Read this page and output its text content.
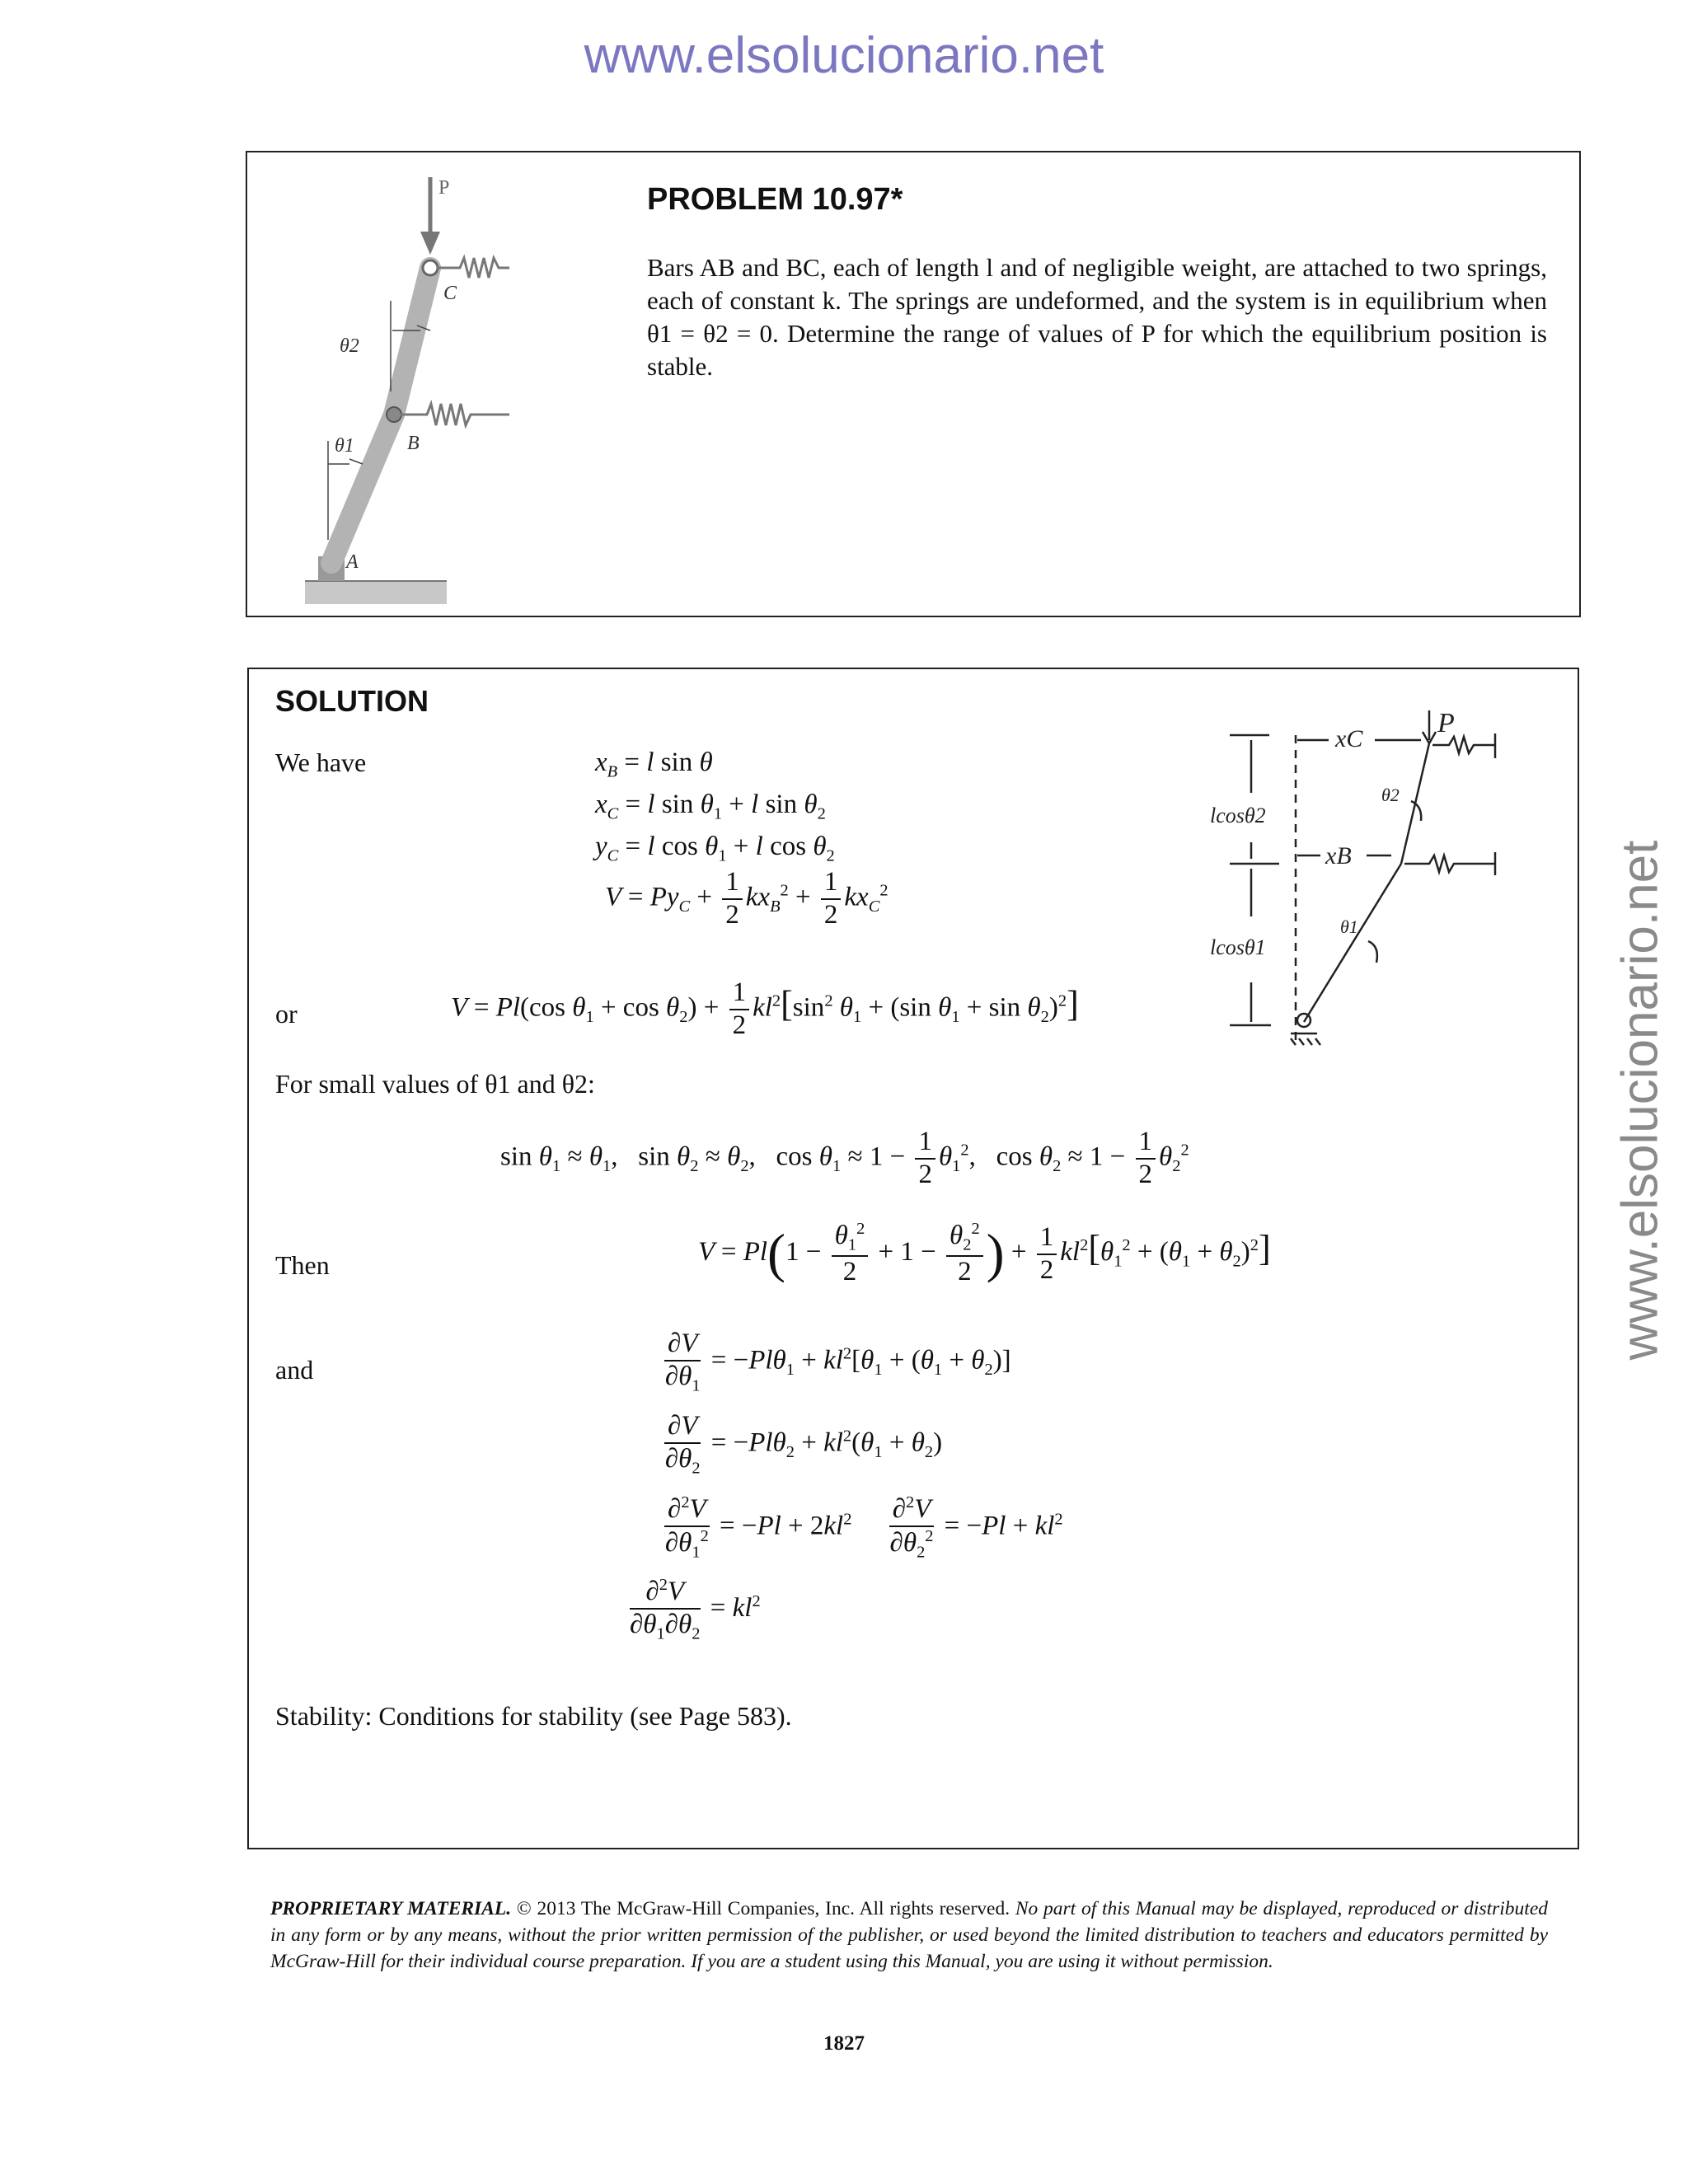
www.elsolucionario.net
www.elsolucionario.net
P
C
B
A
θ2
θ1
PROBLEM 10.97*
Bars AB and BC, each of length l and of negligible weight, are attached to two springs, each of constant k. The springs are undeformed, and the system is in equilibrium when θ1 = θ2 = 0. Determine the range of values of P for which the equilibrium position is stable.
SOLUTION
We have	$x_B = l$ sin θ
$x_C = l$ $\sin \theta_1 + l$ $\sin \theta_2$
$y_C = l$ $\cos \theta_1 + l$ $\cos \theta_2$
$V = Py_C + \frac{1}{2} kx_B^2 + \frac{1}{2} kx_C^2$
or	V = Pl(cos $\theta_1 + \cos \theta_2) + \frac{1}{2} kl^2[\sin^2$ $\theta_1 + (\sin$ $\theta_1 + \sin \theta_2)^2$]
For small values of θ1 and θ2:
$\sin \theta_1 \approx \theta_1$,   $\sin \theta_2 \approx \theta_2$,   $\cos \theta_1 \approx 1 - \frac{1}{2} \theta_1^2$,   $\cos \theta_2 \approx 1 - \frac{1}{2} \theta_2^2$
Then	$V = Pl(1 - \frac{\theta_1^2}{2} + 1 - \frac{\theta_2^2}{2}$ ) + $\frac{1}{2} kl^2[\theta_1^2 + (\theta_1 + \theta_2)^2]$
and	$\frac{\partial V}{\partial\theta_1} = -Pl\theta_1 + kl^2[\theta_1 + (\theta_1 + \theta_2)]$
$\frac{\partial V}{\partial\theta_2} = -Pl\theta_2 + kl^2(\theta_1 + \theta_2)$
$\frac{\partial^2V}{\partial\theta_1^2} = -Pl + 2kl^2 \frac{\partial^2V}{\partial\theta_2^2} = -Pl + kl^2$
$\frac{\partial^2V}{\partial\theta_1\partial\theta_2} = kl^2$
Stability: Conditions for stability (see Page 583).
P
xC
xB
lcosθ2
lcosθ1
θ2
θ1
PROPRIETARY MATERIAL. © 2013 The McGraw-Hill Companies, Inc. All rights reserved. No part of this Manual may be displayed, reproduced or distributed in any form or by any means, without the prior written permission of the publisher, or used beyond the limited distribution to teachers and educators permitted by McGraw-Hill for their individual course preparation. If you are a student using this Manual, you are using it without permission.
1827
